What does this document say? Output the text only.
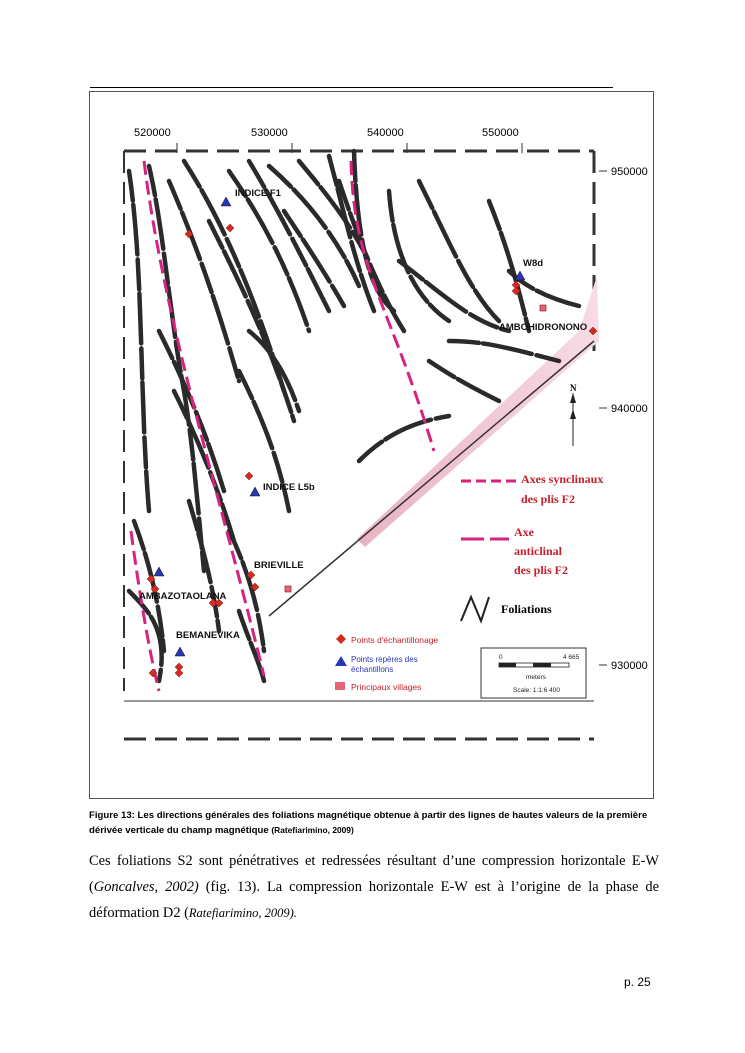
520000	530000	540000	550000
950000
940000
930000
INDICE F1
W8d
AMBOHIDRONONO
INDICE L5b
BRIEVILLE
AMBAZOTAOLANA
BEMANEVIKA
N
Axes synclinaux des plis F2
Axe anticlinal des plis F2
Foliations
Points d'échantillonage
Points repères des échantillons
Principaux villages
0	4 665
meters
Scale: 1:1:6 400
Figure 13: Les directions générales des foliations magnétique obtenue à partir des lignes de hautes valeurs de la première dérivée verticale du champ magnétique (Ratefiarimino, 2009)
Ces foliations S2 sont pénétratives et redressées résultant d’une compression horizontale E-W (Goncalves, 2002) (fig. 13). La compression horizontale E-W est à l’origine de la phase de déformation D2 (Ratefiarimino, 2009).
p. 25
